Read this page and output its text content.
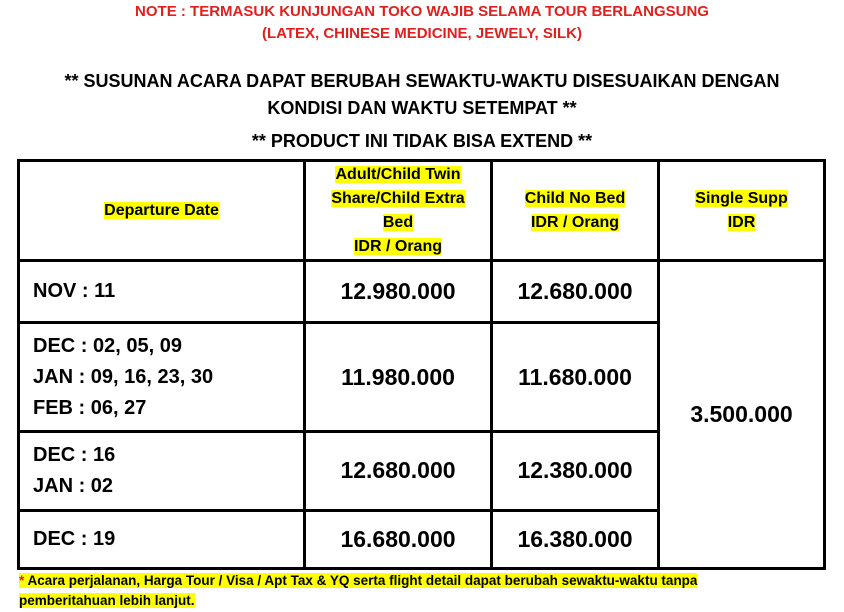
NOTE : TERMASUK KUNJUNGAN TOKO WAJIB SELAMA TOUR BERLANGSUNG
(LATEX, CHINESE MEDICINE, JEWELY, SILK)
** SUSUNAN ACARA DAPAT BERUBAH SEWAKTU-WAKTU DISESUAIKAN DENGAN
KONDISI DAN WAKTU SETEMPAT **
** PRODUCT INI TIDAK BISA EXTEND **
Departure Date	Adult/Child Twin
Share/Child Extra
Bed
IDR / Orang	Child No Bed
IDR / Orang	Single Supp
IDR

NOV : 11	12.980.000	12.680.000	3.500.000

DEC : 02, 05, 09
JAN : 09, 16, 23, 30
FEB : 06, 27	11.980.000	11.680.000	

DEC : 16
JAN : 02	12.680.000	12.380.000	

DEC : 19	16.680.000	16.380.000	
* Acara perjalanan, Harga Tour / Visa / Apt Tax & YQ serta flight detail dapat berubah sewaktu-waktu tanpa
pemberitahuan lebih lanjut.
